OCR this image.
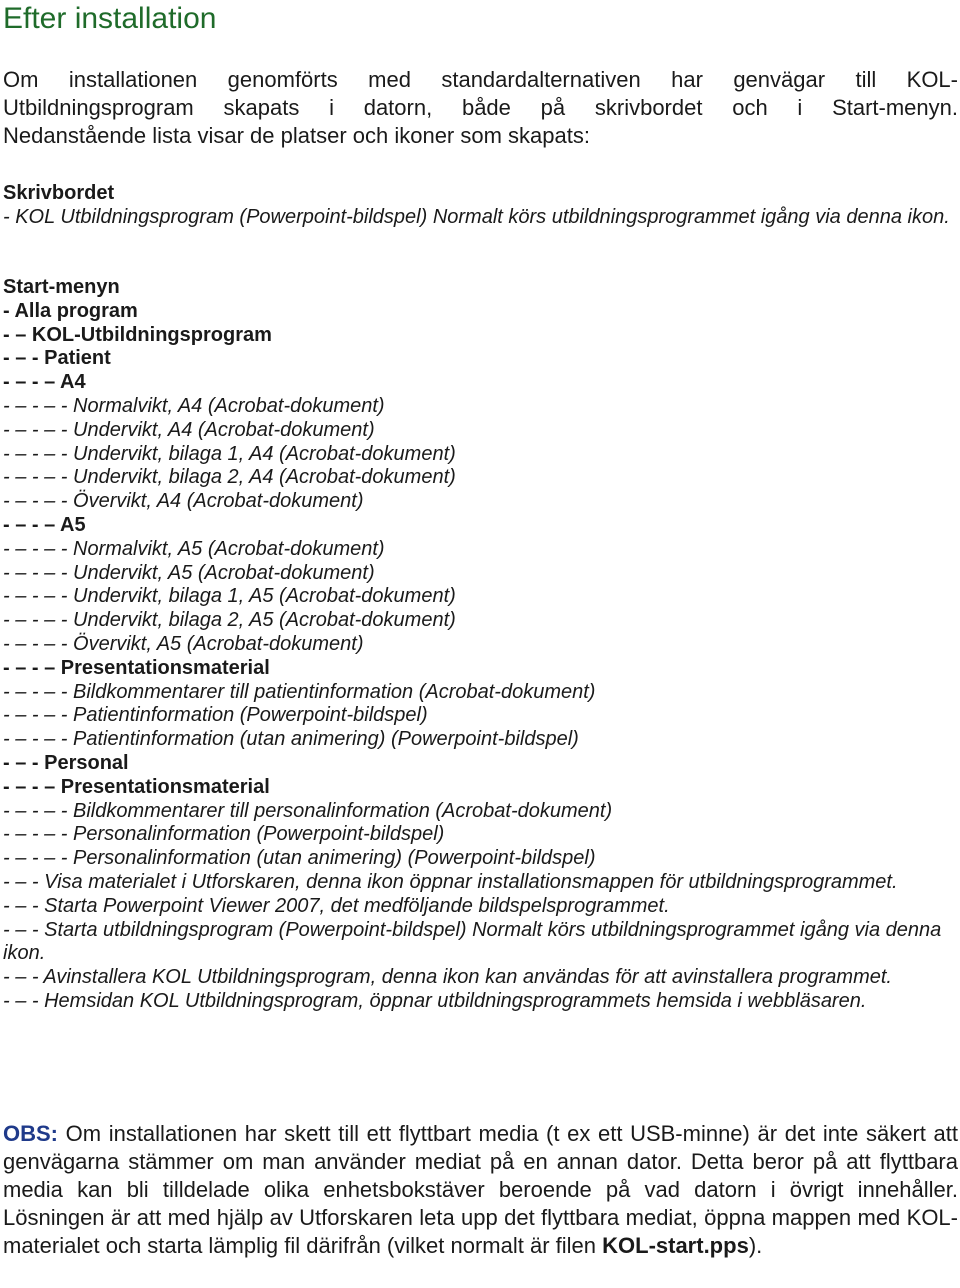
Efter installation

Om installationen genomförts med standardalternativen har genvägar till KOL-
Utbildningsprogram skapats i datorn, både på skrivbordet och i Start-menyn.
Nedanstående lista visar de platser och ikoner som skapats:

Skrivbordet
- KOL Utbildningsprogram (Powerpoint-bildspel) Normalt körs utbildningsprogrammet igång via denna ikon.
Start-menyn
- Alla program
- – KOL-Utbildningsprogram
- – - Patient
- – - – A4
- – - – - Normalvikt, A4 (Acrobat-dokument)
- – - – - Undervikt, A4 (Acrobat-dokument)
- – - – - Undervikt, bilaga 1, A4 (Acrobat-dokument)
- – - – - Undervikt, bilaga 2, A4 (Acrobat-dokument)
- – - – - Övervikt, A4 (Acrobat-dokument)
- – - – A5
- – - – - Normalvikt, A5 (Acrobat-dokument)
- – - – - Undervikt, A5 (Acrobat-dokument)
- – - – - Undervikt, bilaga 1, A5 (Acrobat-dokument)
- – - – - Undervikt, bilaga 2, A5 (Acrobat-dokument)
- – - – - Övervikt, A5 (Acrobat-dokument)
- – - – Presentationsmaterial
- – - – - Bildkommentarer till patientinformation (Acrobat-dokument)
- – - – - Patientinformation (Powerpoint-bildspel)
- – - – - Patientinformation (utan animering) (Powerpoint-bildspel)
- – - Personal
- – - – Presentationsmaterial
- – - – - Bildkommentarer till personalinformation (Acrobat-dokument)
- – - – - Personalinformation (Powerpoint-bildspel)
- – - – - Personalinformation (utan animering) (Powerpoint-bildspel)
- – - Visa materialet i Utforskaren, denna ikon öppnar installationsmappen för utbildningsprogrammet.
- – - Starta Powerpoint Viewer 2007, det medföljande bildspelsprogrammet.
- – - Starta utbildningsprogram (Powerpoint-bildspel) Normalt körs utbildningsprogrammet igång via denna ikon.
- – - Avinstallera KOL Utbildningsprogram, denna ikon kan användas för att avinstallera programmet.
- – - Hemsidan KOL Utbildningsprogram, öppnar utbildningsprogrammets hemsida i webbläsaren.

OBS: Om installationen har skett till ett flyttbart media (t ex ett USB-minne) är det inte säkert att genvägarna stämmer om man använder mediat på en annan dator. Detta beror på att flyttbara media kan bli tilldelade olika enhetsbokstäver beroende på vad datorn i övrigt innehåller. Lösningen är att med hjälp av Utforskaren leta upp det flyttbara mediat, öppna mappen med KOL-materialet och starta lämplig fil därifrån (vilket normalt är filen KOL-start.pps).
